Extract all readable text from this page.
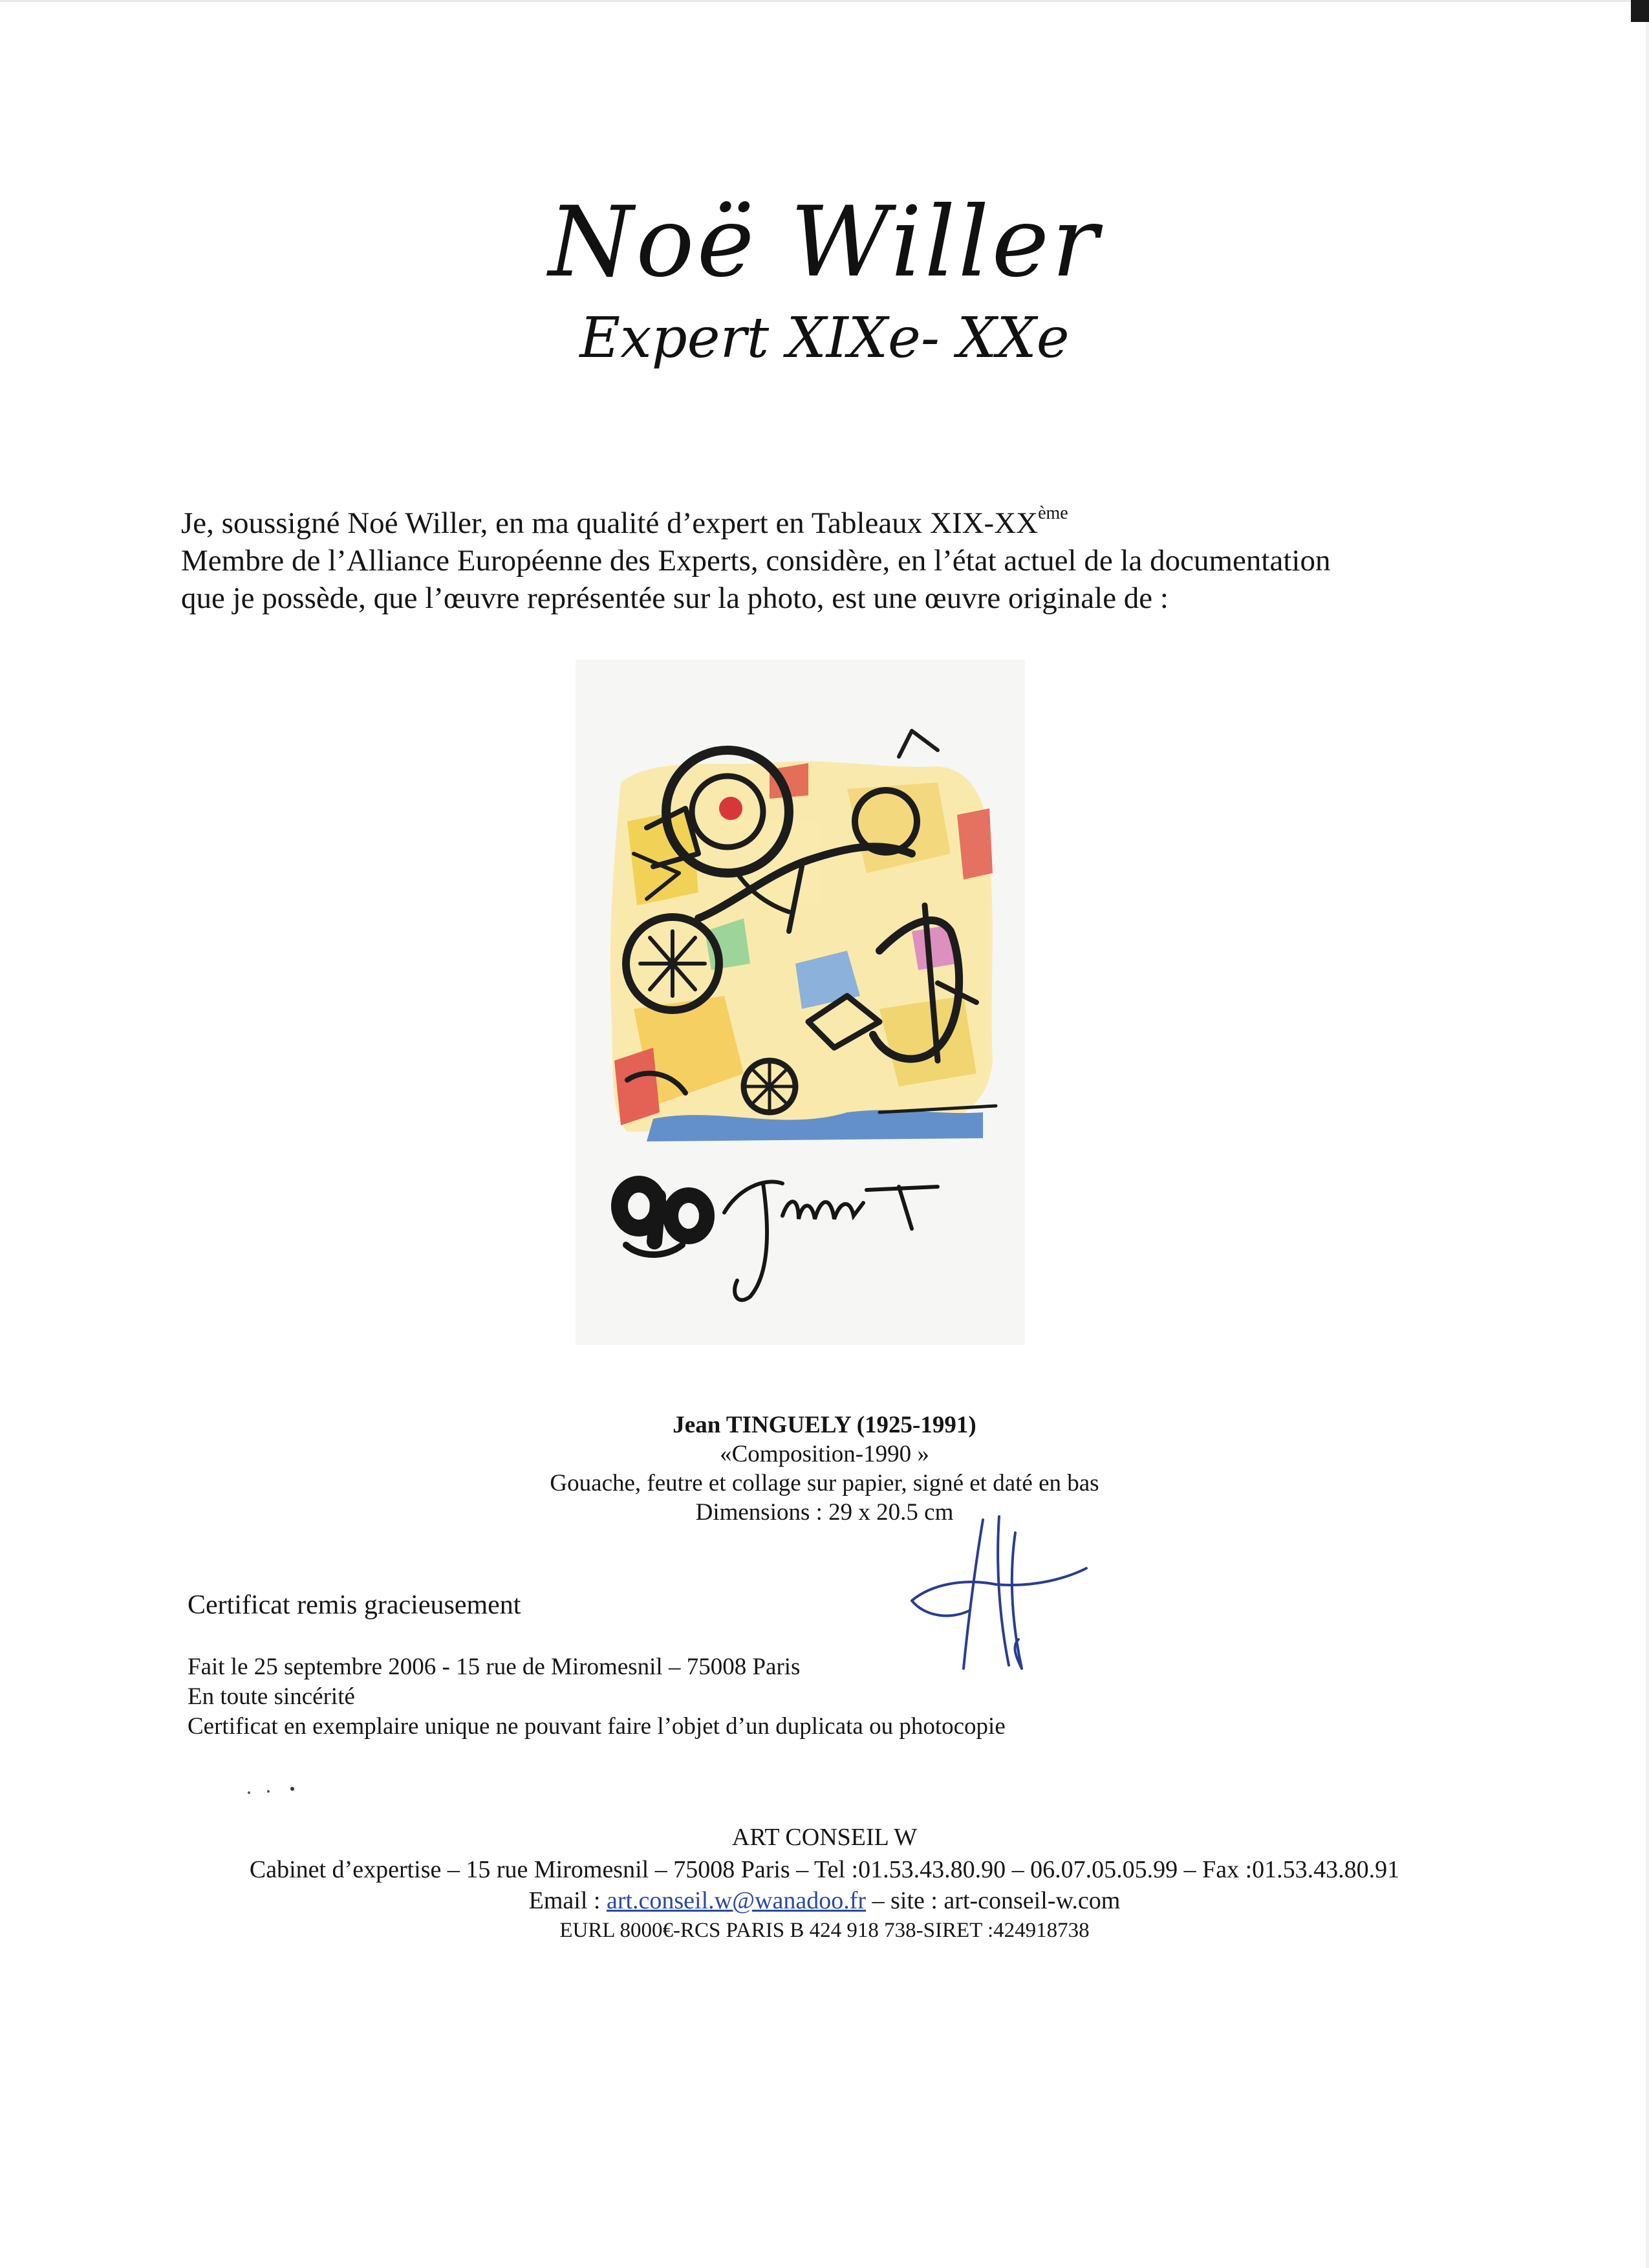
Noë Willer
Expert XIXe- XXe
Je, soussigné Noé Willer, en ma qualité d’expert en Tableaux XIX-XXème
Membre de l’Alliance Européenne des Experts, considère, en l’état actuel de la documentation
que je possède, que l’œuvre représentée sur la photo, est une œuvre originale de :
Jean TINGUELY (1925-1991)
«Composition-1990 »
Gouache, feutre et collage sur papier, signé et daté en bas
Dimensions : 29 x 20.5 cm
Certificat remis gracieusement
Fait le 25 septembre 2006 - 15 rue de Miromesnil – 75008 Paris
En toute sincérité
Certificat en exemplaire unique ne pouvant faire l’objet d’un duplicata ou photocopie
ART CONSEIL W
Cabinet d’expertise – 15 rue Miromesnil – 75008 Paris – Tel :01.53.43.80.90 – 06.07.05.05.99 – Fax :01.53.43.80.91
Email : art.conseil.w@wanadoo.fr – site : art-conseil-w.com
EURL 8000€-RCS PARIS B 424 918 738-SIRET :424918738
